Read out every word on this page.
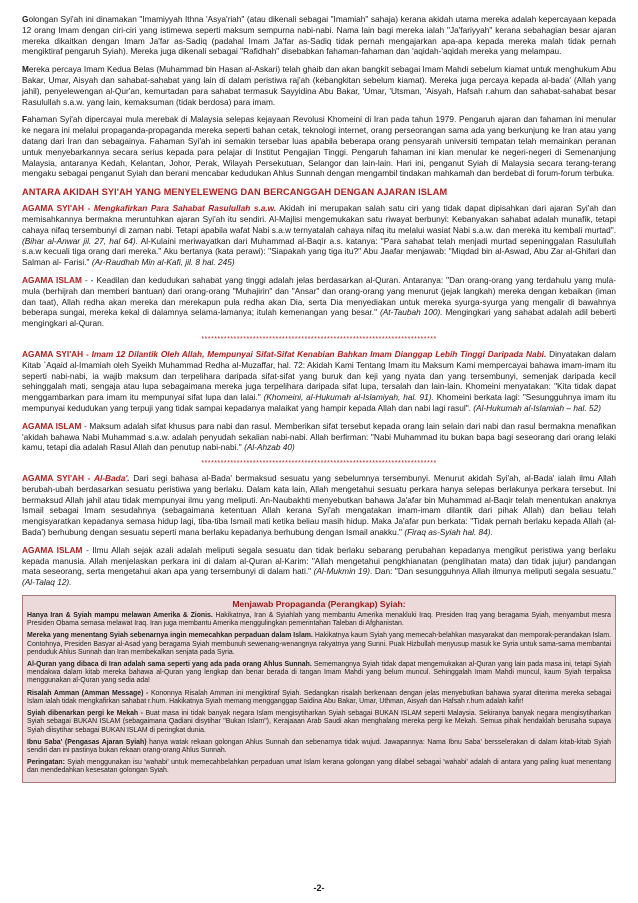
Golongan Syi'ah ini dinamakan "Imamiyyah Ithna 'Asya'riah" (atau dikenali sebagai "Imamiah" sahaja) kerana akidah utama mereka adalah kepercayaan kepada 12 orang Imam dengan ciri-ciri yang istimewa seperti maksum sempurna nabi-nabi. Nama lain bagi mereka ialah "Ja'fariyyah" kerana sebahagian besar ajaran mereka dikaitkan dengan Imam Ja'far as-Sadiq (padahal Imam Ja'far as-Sadiq tidak pernah mengajarkan apa-apa kepada mereka malah tidak pernah mengiktiraf pengaruh Syiah). Mereka juga dikenali sebagai "Rafidhah" disebabkan fahaman-fahaman dan 'aqidah-'aqidah mereka yang melampau.

Mereka percaya Imam Kedua Belas (Muhammad bin Hasan al-Askari) telah ghaib dan akan bangkit sebagai Imam Mahdi sebelum kiamat untuk menghukum Abu Bakar, Umar, Aisyah dan sahabat-sahabat yang lain di dalam peristiwa raj'ah (kebangkitan sebelum kiamat). Mereka juga percaya kepada al-bada' (Allah yang jahil), penyelewengan al-Qur'an, kemurtadan para sahabat termasuk Sayyidina Abu Bakar, 'Umar, 'Utsman, 'Aisyah, Hafsah r.ahum dan sahabat-sahabat besar Rasulullah s.a.w. yang lain, kemaksuman (tidak berdosa) para imam.

Fahaman Syi'ah dipercayai mula merebak di Malaysia selepas kejayaan Revolusi Khomeini di Iran pada tahun 1979. Pengaruh ajaran dan fahaman ini menular ke negara ini melalui propaganda-propaganda mereka seperti bahan cetak, teknologi internet, orang perseorangan sama ada yang berkunjung ke Iran atau yang datang dari Iran dan sebagainya. Fahaman Syi'ah ini semakin tersebar luas apabila beberapa orang pensyarah universiti tempatan telah memainkan peranan untuk menyebarkannya secara serius kepada para pelajar di Institut Pengajian Tinggi. Pengaruh fahaman ini kian menular ke negeri-negeri di Semenanjung Malaysia, antaranya Kedah, Kelantan, Johor, Perak, Wilayah Persekutuan, Selangor dan lain-lain. Hari ini, penganut Syiah di Malaysia secara terang-terang mengaku sebagai penganut Syiah dan berani mencabar kedudukan Ahlus Sunnah dengan mengambil tindakan mahkamah dan berdebat di forum-forum terbuka.

ANTARA AKIDAH SYI'AH YANG MENYELEWENG DAN BERCANGGAH DENGAN AJARAN ISLAM

AGAMA SYI'AH - Mengkafirkan Para Sahabat Rasulullah s.a.w. Akidah ini merupakan salah satu ciri yang tidak dapat dipisahkan dari ajaran Syi'ah dan memisahkannya bermakna meruntuhkan ajaran Syi'ah itu sendiri. Al-Majlisi mengemukakan satu riwayat berbunyi: Kebanyakan sahabat adalah munafik, tetapi cahaya nifaq tersembunyi di zaman nabi. Tetapi apabila wafat Nabi s.a.w ternyatalah cahaya nifaq itu melalui wasiat Nabi s.a.w. dan mereka itu kembali murtad". (Bihar al-Anwar jil. 27, hal 64). Al-Kulaini meriwayatkan dari Muhammad al-Baqir a.s. katanya: "Para sahabat telah menjadi murtad sepeninggalan Rasulullah s.a.w kecuali tiga orang dari mereka." Aku bertanya (kata perawi): "Siapakah yang tiga itu?" Abu Jaafar menjawab: "Miqdad bin al-Aswad, Abu Zar al-Ghifari dan Salman al- Farisi." (Ar-Raudhah Min al-Kafi, jil. 8 hal. 245)

AGAMA ISLAM - - Keadilan dan kedudukan sahabat yang tinggi adalah jelas berdasarkan al-Quran. Antaranya: "Dan orang-orang yang terdahulu yang mula-mula (berhijrah dan memberi bantuan) dari orang-orang "Muhajirin" dan "Ansar" dan orang-orang yang menurut (jejak langkah) mereka dengan kebaikan (iman dan taat), Allah redha akan mereka dan merekapun pula redha akan Dia, serta Dia menyediakan untuk mereka syurga-syurga yang mengalir di bawahnya beberapa sungai, mereka kekal di dalamnya selama-lamanya; itulah kemenangan yang besar." (At-Taubah 100). Mengingkari yang sahabat adalah adil beberti mengingkari al-Quran.

*************************************************************************

AGAMA SYI'AH - Imam 12 Dilantik Oleh Allah, Mempunyai Sifat-Sifat Kenabian Bahkan Imam Dianggap Lebih Tinggi Daripada Nabi. Dinyatakan dalam Kitab `Aqaid al-Imamiah oleh Syeikh Muhammad Redha al-Muzaffar, hal. 72: Akidah Kami Tentang Imam itu Maksum Kami mempercayai bahawa imam-imam itu seperti nabi-nabi, ia wajib maksum dan terpelihara daripada sifat-sifat yang buruk dan keji yang nyata dan yang tersembunyi, semenjak daripada kecil sehinggalah mati, sengaja atau lupa sebagaimana mereka juga terpelihara daripada sifat lupa, tersalah dan lain-lain. Khomeini menyatakan: "Kita tidak dapat menggambarkan para imam itu mempunyai sifat lupa dan lalai." (Khomeini, al-Hukumah al-Islamiyah, hal. 91). Khomeini berkata lagi: "Sesungguhnya imam itu mempunyai kedudukan yang terpuji yang tidak sampai kepadanya malaikat yang hampir kepada Allah dan nabi lagi rasul". (Al-Hukumah al-Islamiah – hal. 52)

AGAMA ISLAM - Maksum adalah sifat khusus para nabi dan rasul. Memberikan sifat tersebut kepada orang lain selain dari nabi dan rasul bermakna menafikan 'akidah bahawa Nabi Muhammad s.a.w. adalah penyudah sekalian nabi-nabi. Allah berfirman: "Nabi Muhammad itu bukan bapa bagi seseorang dari orang lelaki kamu, tetapi dia adalah Rasul Allah dan penutup nabi-nabi." (Al-Ahzab 40)

*************************************************************************

AGAMA SYI'AH - Al-Bada'. Dari segi bahasa al-Bada' bermaksud sesuatu yang sebelumnya tersembunyi. Menurut akidah Syi'ah, al-Bada' ialah ilmu Allah berubah-ubah berdasarkan sesuatu peristiwa yang berlaku. Dalam kata lain, Allah mengetahui sesuatu perkara hanya selepas berlakunya perkara tersebut. Ini bermaksud Allah jahil atau tidak mempunyai ilmu yang meliputi. An-Naubakhti menyebutkan bahawa Ja'afar bin Muhammad al-Baqir telah menentukan anaknya Ismail sebagai Imam sesudahnya (sebagaimana ketentuan Allah kerana Syi'ah mengatakan imam-imam dilantik dari pihak Allah) dan beliau telah mengisyaratkan kepadanya semasa hidup lagi, tiba-tiba Ismail mati ketika beliau masih hidup. Maka Ja'afar pun berkata: "Tidak pernah berlaku kepada Allah (al-Bada') berhubung dengan sesuatu seperti mana berlaku kepadanya berhubung dengan Ismail anakku." (Firaq as-Syiah hal. 84).

AGAMA ISLAM - Ilmu Allah sejak azali adalah meliputi segala sesuatu dan tidak berlaku sebarang perubahan kepadanya mengikut peristiwa yang berlaku kepada manusia. Allah menjelaskan perkara ini di dalam al-Quran al-Karim: "Allah mengetahui pengkhianatan (penglihatan mata) dan tidak jujur) pandangan mata seseorang, serta mengetahui akan apa yang tersembunyi di dalam hati." (Al-Mukmin 19). Dan: "Dan sesungguhnya Allah ilmunya meliputi segala sesuatu." (Al-Talaq 12).

Menjawab Propaganda (Perangkap) Syiah:

Hanya Iran & Syiah mampu melawan Amerika & Zionis. Hakikatnya, Iran & Syiahlah yang membantu Amerika menakluki Iraq. Presiden Iraq yang beragama Syiah, menyambut mesra Presiden Obama semasa melawat Iraq. Iran juga membantu Amerika menggulingkan pemerintahan Taleban di Afghanistan.

Mereka yang menentang Syiah sebenarnya ingin memecahkan perpaduan dalam Islam. Hakikatnya kaum Syiah yang memecah-belahkan masyarakat dan memporak-perandakan Islam. Contohnya, Presiden Basyar al-Asad yang beragama Syiah membunuh sewenang-wenangnya rakyatnya yang Sunni. Puak Hizbullah menyusup masuk ke Syria untuk sama-sama membantai penduduk Ahlus Sunnah dan Iran membekalkan senjata pada Syria.

Al-Quran yang dibaca di Iran adalah sama seperti yang ada pada orang Ahlus Sunnah. Sememangnya Syiah tidak dapat mengemukakan al-Quran yang lain pada masa ini, tetapi Syiah mendakwa dalam kitab mereka bahawa al-Quran yang lengkap dan benar berada di tangan Imam Mahdi yang belum muncul. Sehinggalah Imam Mahdi muncul, kaum Syiah terpaksa menggunakan al-Quran yang sedia ada!

Risalah Amman (Amman Message) - Kononnya Risalah Amman ini mengiktiraf Syiah. Sedangkan risalah berkenaan dengan jelas menyebutkan bahawa syarat diterima mereka sebagai Islam ialah tidak mengkafirkan sahabat r.hum. Hakikatnya Syiah memang mengganggap Saidina Abu Bakar, Umar, Uthman, Aisyah dan Hafsah r.hum adalah kafir!

Syiah dibenarkan pergi ke Mekah - Buat masa ini tidak banyak negara Islam mengisytiharkan Syiah sebagai BUKAN ISLAM seperti Malaysia. Sekiranya banyak negara mengisytiharkan Syiah sebagai BUKAN ISLAM (sebagaimana Qadiani disytihar "Bukan Islam"), Kerajaaan Arab Saudi akan menghalang mereka pergi ke Mekah. Semua pihak hendaklah berusaha supaya Syiah diisytihar sebagai BUKAN ISLAM di peringkat dunia.

Ibnu Saba' (Pengasas Ajaran Syiah) hanya watak rekaan golongan Ahlus Sunnah dan sebenarnya tidak wujud. Jawapannya: Nama Ibnu Saba' bersselerakan di dalam kitab-kitab Syiah sendiri dan ini pastinya bukan rekaan orang-orang Ahlus Sunnah.

Peringatan: Syiah menggunakan isu 'wahabi' untuk memecahbelahkan perpaduan umat Islam kerana golongan yang dilabel sebagai 'wahabi' adalah di antara yang paling kuat menentang dan mendedahkan kesesatan golongan Syiah.

-2-
